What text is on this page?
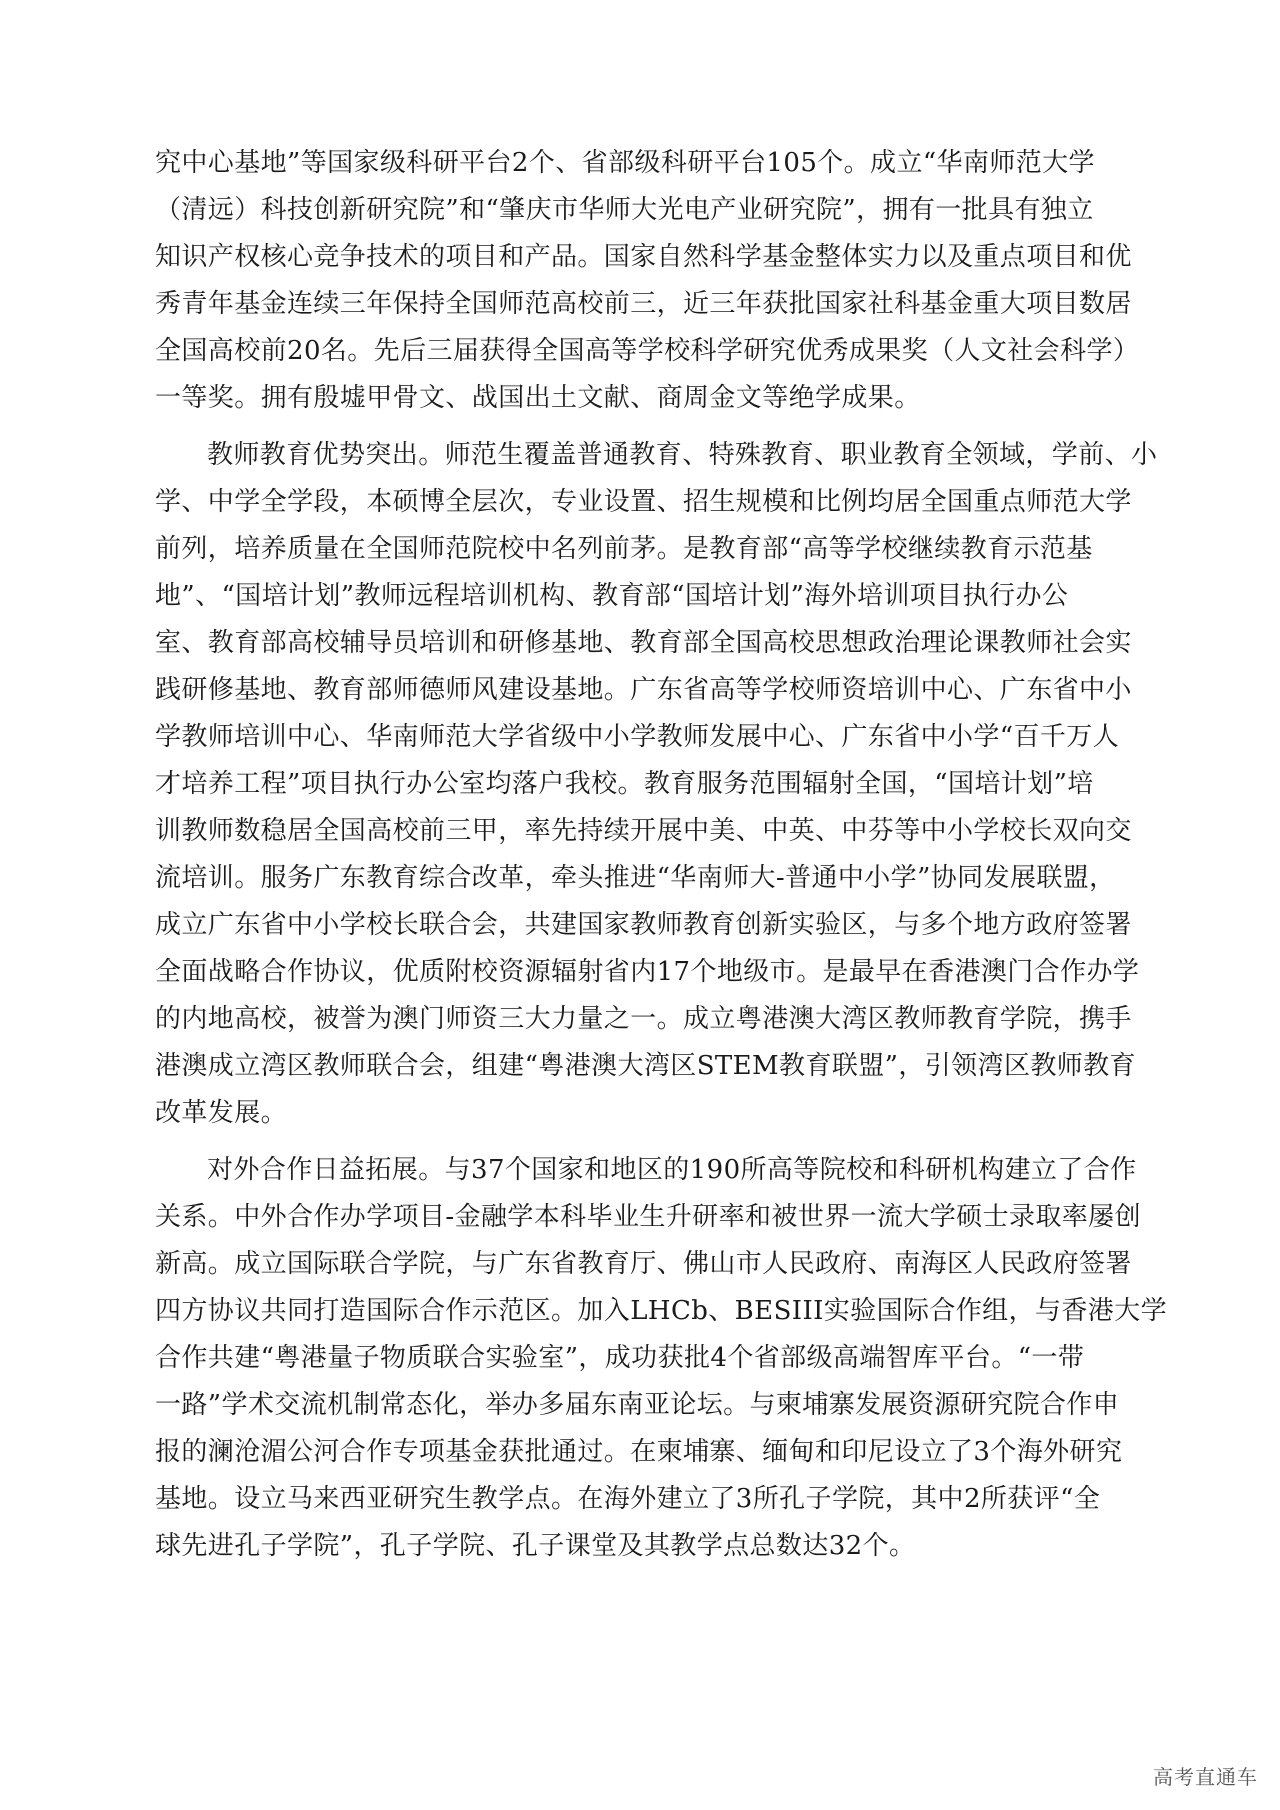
究中心基地”等国家级科研平台2个、省部级科研平台105个。成立“华南师范大学
（清远）科技创新研究院”和“肇庆市华师大光电产业研究院”，拥有一批具有独立
知识产权核心竞争技术的项目和产品。国家自然科学基金整体实力以及重点项目和优
秀青年基金连续三年保持全国师范高校前三，近三年获批国家社科基金重大项目数居
全国高校前20名。先后三届获得全国高等学校科学研究优秀成果奖（人文社会科学）
一等奖。拥有殷墟甲骨文、战国出土文献、商周金文等绝学成果。
教师教育优势突出。师范生覆盖普通教育、特殊教育、职业教育全领域，学前、小
学、中学全学段，本硕博全层次，专业设置、招生规模和比例均居全国重点师范大学
前列，培养质量在全国师范院校中名列前茅。是教育部“高等学校继续教育示范基
地”、“国培计划”教师远程培训机构、教育部“国培计划”海外培训项目执行办公
室、教育部高校辅导员培训和研修基地、教育部全国高校思想政治理论课教师社会实
践研修基地、教育部师德师风建设基地。广东省高等学校师资培训中心、广东省中小
学教师培训中心、华南师范大学省级中小学教师发展中心、广东省中小学“百千万人
才培养工程”项目执行办公室均落户我校。教育服务范围辐射全国，“国培计划”培
训教师数稳居全国高校前三甲，率先持续开展中美、中英、中芬等中小学校长双向交
流培训。服务广东教育综合改革，牵头推进“华南师大-普通中小学”协同发展联盟，
成立广东省中小学校长联合会，共建国家教师教育创新实验区，与多个地方政府签署
全面战略合作协议，优质附校资源辐射省内17个地级市。是最早在香港澳门合作办学
的内地高校，被誉为澳门师资三大力量之一。成立粤港澳大湾区教师教育学院，携手
港澳成立湾区教师联合会，组建“粤港澳大湾区STEM教育联盟”，引领湾区教师教育
改革发展。
对外合作日益拓展。与37个国家和地区的190所高等院校和科研机构建立了合作
关系。中外合作办学项目-金融学本科毕业生升研率和被世界一流大学硕士录取率屡创
新高。成立国际联合学院，与广东省教育厅、佛山市人民政府、南海区人民政府签署
四方协议共同打造国际合作示范区。加入LHCb、BESIII实验国际合作组，与香港大学
合作共建“粤港量子物质联合实验室”，成功获批4个省部级高端智库平台。“一带
一路”学术交流机制常态化，举办多届东南亚论坛。与柬埔寨发展资源研究院合作申
报的澜沧湄公河合作专项基金获批通过。在柬埔寨、缅甸和印尼设立了3个海外研究
基地。设立马来西亚研究生教学点。在海外建立了3所孔子学院，其中2所获评“全
球先进孔子学院”，孔子学院、孔子课堂及其教学点总数达32个。
高考直通车
